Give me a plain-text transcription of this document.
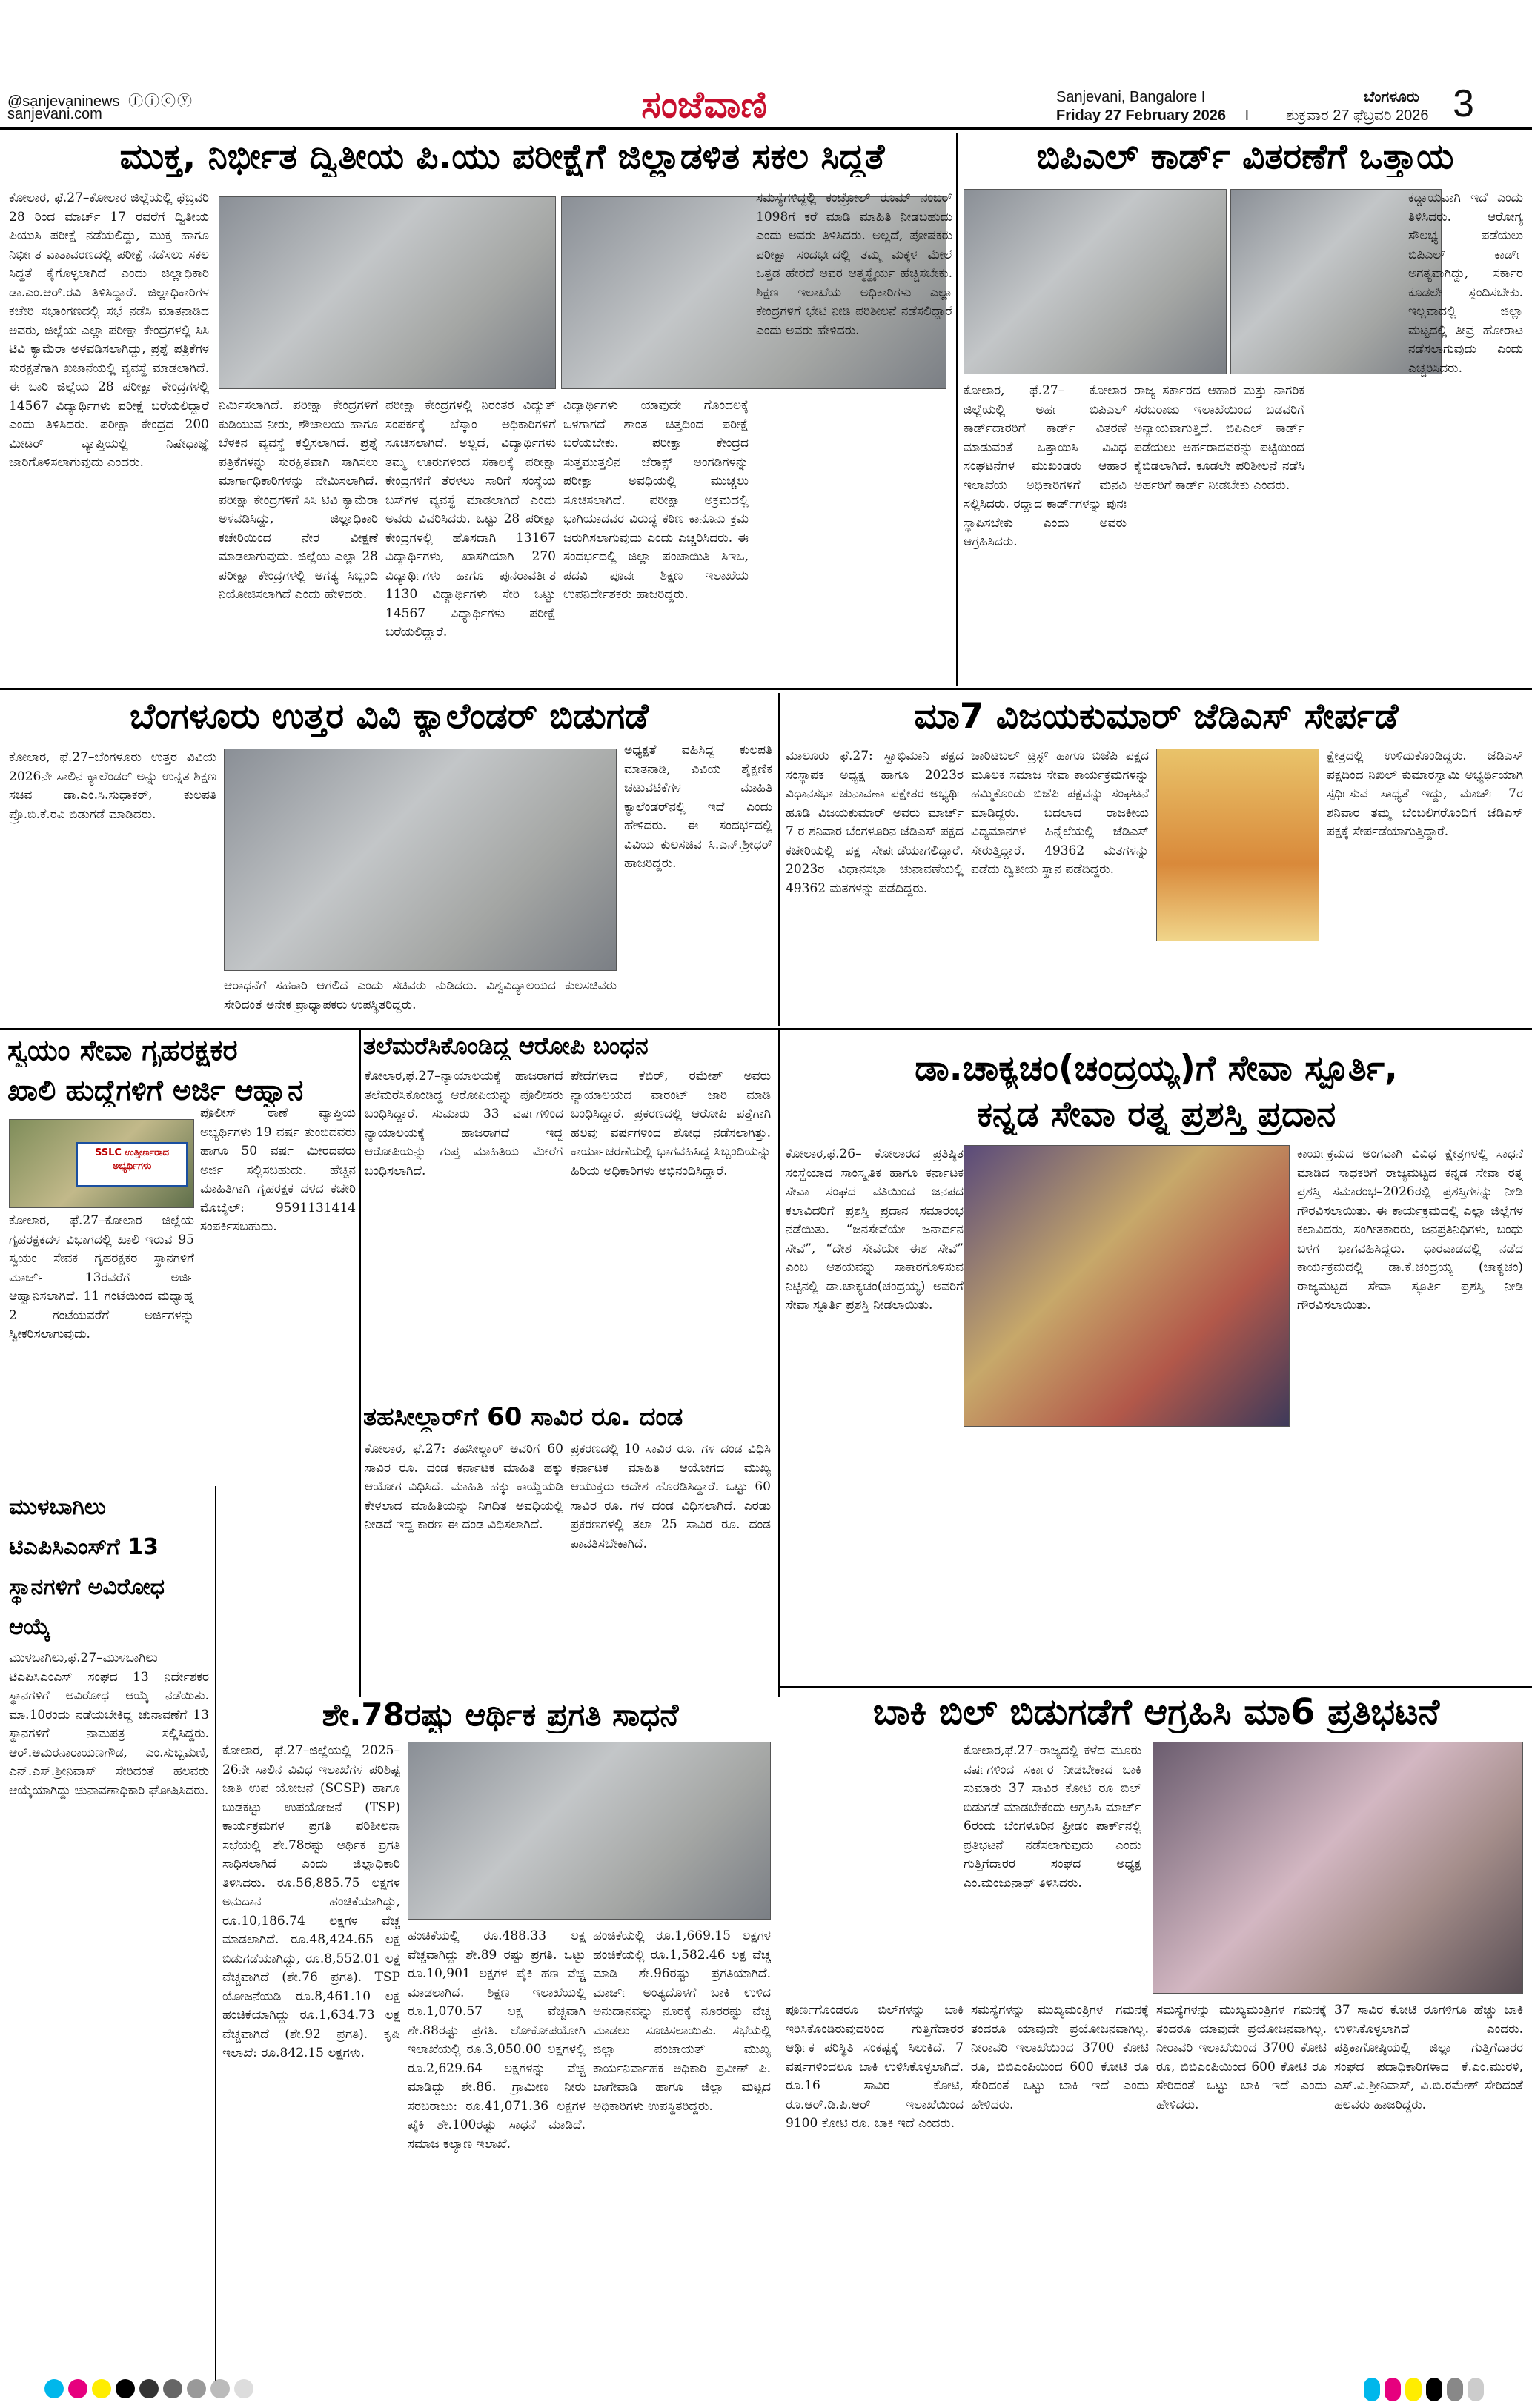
@sanjevaninews ⓕⓘⓒⓨ
sanjevani.com	ಸಂಜೆವಾಣಿ	Sanjevani, Bangalore I	ಬೆಂಗಳೂರು
Friday 27 February 2026 I ಶುಕ್ರವಾರ 27 ಫೆಬ್ರವರಿ 2026 3
ಮುಕ್ತ, ನಿರ್ಭೀತ ದ್ವಿತೀಯ ಪಿ.ಯು ಪರೀಕ್ಷೆಗೆ ಜಿಲ್ಲಾಡಳಿತ ಸಕಲ ಸಿದ್ಧತೆ
ಕೋಲಾರ, ಫೆ.27–ಕೋಲಾರ ಜಿಲ್ಲೆಯಲ್ಲಿ ಫೆಬ್ರವರಿ 28 ರಿಂದ ಮಾರ್ಚ್ 17 ರವರೆಗೆ ದ್ವಿತೀಯ ಪಿಯುಸಿ ಪರೀಕ್ಷೆ ನಡೆಯಲಿದ್ದು, ಮುಕ್ತ ಹಾಗೂ ನಿರ್ಭೀತ ವಾತಾವರಣದಲ್ಲಿ ಪರೀಕ್ಷೆ ನಡೆಸಲು ಸಕಲ ಸಿದ್ಧತೆ ಕೈಗೊಳ್ಳಲಾಗಿದೆ ಎಂದು ಜಿಲ್ಲಾಧಿಕಾರಿ ಡಾ.ಎಂ.ಆರ್.ರವಿ ತಿಳಿಸಿದ್ದಾರೆ. ಜಿಲ್ಲಾಧಿಕಾರಿಗಳ ಕಚೇರಿ ಸಭಾಂಗಣದಲ್ಲಿ ಸಭೆ ನಡೆಸಿ ಮಾತನಾಡಿದ ಅವರು, ಜಿಲ್ಲೆಯ ಎಲ್ಲಾ ಪರೀಕ್ಷಾ ಕೇಂದ್ರಗಳಲ್ಲಿ ಸಿಸಿ ಟಿವಿ ಕ್ಯಾಮೆರಾ ಅಳವಡಿಸಲಾಗಿದ್ದು, ಪ್ರಶ್ನೆ ಪತ್ರಿಕೆಗಳ ಸುರಕ್ಷತೆಗಾಗಿ ಖಜಾನೆಯಲ್ಲಿ ವ್ಯವಸ್ಥೆ ಮಾಡಲಾಗಿದೆ. ಈ ಬಾರಿ ಜಿಲ್ಲೆಯ 28 ಪರೀಕ್ಷಾ ಕೇಂದ್ರಗಳಲ್ಲಿ 14567 ವಿದ್ಯಾರ್ಥಿಗಳು ಪರೀಕ್ಷೆ ಬರೆಯಲಿದ್ದಾರೆ ಎಂದು ತಿಳಿಸಿದರು. ಪರೀಕ್ಷಾ ಕೇಂದ್ರದ 200 ಮೀಟರ್ ವ್ಯಾಪ್ತಿಯಲ್ಲಿ ನಿಷೇಧಾಜ್ಞೆ ಜಾರಿಗೊಳಿಸಲಾಗುವುದು ಎಂದರು.
ನಿರ್ಮಿಸಲಾಗಿದೆ. ಪರೀಕ್ಷಾ ಕೇಂದ್ರಗಳಿಗೆ ಕುಡಿಯುವ ನೀರು, ಶೌಚಾಲಯ ಹಾಗೂ ಬೆಳಕಿನ ವ್ಯವಸ್ಥೆ ಕಲ್ಪಿಸಲಾಗಿದೆ. ಪ್ರಶ್ನೆ ಪತ್ರಿಕೆಗಳನ್ನು ಸುರಕ್ಷಿತವಾಗಿ ಸಾಗಿಸಲು ಮಾರ್ಗಾಧಿಕಾರಿಗಳನ್ನು ನೇಮಿಸಲಾಗಿದೆ. ಪರೀಕ್ಷಾ ಕೇಂದ್ರಗಳಿಗೆ ಸಿಸಿ ಟಿವಿ ಕ್ಯಾಮೆರಾ ಅಳವಡಿಸಿದ್ದು, ಜಿಲ್ಲಾಧಿಕಾರಿ ಕಚೇರಿಯಿಂದ ನೇರ ವೀಕ್ಷಣೆ ಮಾಡಲಾಗುವುದು. ಜಿಲ್ಲೆಯ ಎಲ್ಲಾ 28 ಪರೀಕ್ಷಾ ಕೇಂದ್ರಗಳಲ್ಲಿ ಅಗತ್ಯ ಸಿಬ್ಬಂದಿ ನಿಯೋಜಿಸಲಾಗಿದೆ ಎಂದು ಹೇಳಿದರು.
ಪರೀಕ್ಷಾ ಕೇಂದ್ರಗಳಲ್ಲಿ ನಿರಂತರ ವಿದ್ಯುತ್ ಸಂಪರ್ಕಕ್ಕೆ ಬೆಸ್ಕಾಂ ಅಧಿಕಾರಿಗಳಿಗೆ ಸೂಚಿಸಲಾಗಿದೆ. ಅಲ್ಲದೆ, ವಿದ್ಯಾರ್ಥಿಗಳು ತಮ್ಮ ಊರುಗಳಿಂದ ಸಕಾಲಕ್ಕೆ ಪರೀಕ್ಷಾ ಕೇಂದ್ರಗಳಿಗೆ ತೆರಳಲು ಸಾರಿಗೆ ಸಂಸ್ಥೆಯ ಬಸ್‌ಗಳ ವ್ಯವಸ್ಥೆ ಮಾಡಲಾಗಿದೆ ಎಂದು ಅವರು ವಿವರಿಸಿದರು. ಒಟ್ಟು 28 ಪರೀಕ್ಷಾ ಕೇಂದ್ರಗಳಲ್ಲಿ ಹೊಸದಾಗಿ 13167 ವಿದ್ಯಾರ್ಥಿಗಳು, ಖಾಸಗಿಯಾಗಿ 270 ವಿದ್ಯಾರ್ಥಿಗಳು ಹಾಗೂ ಪುನರಾವರ್ತಿತ 1130 ವಿದ್ಯಾರ್ಥಿಗಳು ಸೇರಿ ಒಟ್ಟು 14567 ವಿದ್ಯಾರ್ಥಿಗಳು ಪರೀಕ್ಷೆ ಬರೆಯಲಿದ್ದಾರೆ.
ವಿದ್ಯಾರ್ಥಿಗಳು ಯಾವುದೇ ಗೊಂದಲಕ್ಕೆ ಒಳಗಾಗದೆ ಶಾಂತ ಚಿತ್ತದಿಂದ ಪರೀಕ್ಷೆ ಬರೆಯಬೇಕು. ಪರೀಕ್ಷಾ ಕೇಂದ್ರದ ಸುತ್ತಮುತ್ತಲಿನ ಜೆರಾಕ್ಸ್ ಅಂಗಡಿಗಳನ್ನು ಪರೀಕ್ಷಾ ಅವಧಿಯಲ್ಲಿ ಮುಚ್ಚಲು ಸೂಚಿಸಲಾಗಿದೆ. ಪರೀಕ್ಷಾ ಅಕ್ರಮದಲ್ಲಿ ಭಾಗಿಯಾದವರ ವಿರುದ್ಧ ಕಠಿಣ ಕಾನೂನು ಕ್ರಮ ಜರುಗಿಸಲಾಗುವುದು ಎಂದು ಎಚ್ಚರಿಸಿದರು. ಈ ಸಂದರ್ಭದಲ್ಲಿ ಜಿಲ್ಲಾ ಪಂಚಾಯಿತಿ ಸಿಇಒ, ಪದವಿ ಪೂರ್ವ ಶಿಕ್ಷಣ ಇಲಾಖೆಯ ಉಪನಿರ್ದೇಶಕರು ಹಾಜರಿದ್ದರು.
ಸಮಸ್ಯೆಗಳಿದ್ದಲ್ಲಿ ಕಂಟ್ರೋಲ್ ರೂಮ್ ನಂಬರ್ 1098ಗೆ ಕರೆ ಮಾಡಿ ಮಾಹಿತಿ ನೀಡಬಹುದು ಎಂದು ಅವರು ತಿಳಿಸಿದರು. ಅಲ್ಲದೆ, ಪೋಷಕರು ಪರೀಕ್ಷಾ ಸಂದರ್ಭದಲ್ಲಿ ತಮ್ಮ ಮಕ್ಕಳ ಮೇಲೆ ಒತ್ತಡ ಹೇರದೆ ಅವರ ಆತ್ಮಸ್ಥೈರ್ಯ ಹೆಚ್ಚಿಸಬೇಕು. ಶಿಕ್ಷಣ ಇಲಾಖೆಯ ಅಧಿಕಾರಿಗಳು ಎಲ್ಲಾ ಕೇಂದ್ರಗಳಿಗೆ ಭೇಟಿ ನೀಡಿ ಪರಿಶೀಲನೆ ನಡೆಸಲಿದ್ದಾರೆ ಎಂದು ಅವರು ಹೇಳಿದರು.
ಬಿಪಿಎಲ್ ಕಾರ್ಡ್ ವಿತರಣೆಗೆ ಒತ್ತಾಯ
ಕೋಲಾರ, ಫೆ.27– ಕೋಲಾರ ಜಿಲ್ಲೆಯಲ್ಲಿ ಅರ್ಹ ಬಿಪಿಎಲ್ ಕಾರ್ಡ್‌ದಾರರಿಗೆ ಕಾರ್ಡ್ ವಿತರಣೆ ಮಾಡುವಂತೆ ಒತ್ತಾಯಿಸಿ ವಿವಿಧ ಸಂಘಟನೆಗಳ ಮುಖಂಡರು ಆಹಾರ ಇಲಾಖೆಯ ಅಧಿಕಾರಿಗಳಿಗೆ ಮನವಿ ಸಲ್ಲಿಸಿದರು. ರದ್ದಾದ ಕಾರ್ಡ್‌ಗಳನ್ನು ಪುನಃ ಸ್ಥಾಪಿಸಬೇಕು ಎಂದು ಅವರು ಆಗ್ರಹಿಸಿದರು.
ರಾಜ್ಯ ಸರ್ಕಾರದ ಆಹಾರ ಮತ್ತು ನಾಗರಿಕ ಸರಬರಾಜು ಇಲಾಖೆಯಿಂದ ಬಡವರಿಗೆ ಅನ್ಯಾಯವಾಗುತ್ತಿದೆ. ಬಿಪಿಎಲ್ ಕಾರ್ಡ್ ಪಡೆಯಲು ಅರ್ಹರಾದವರನ್ನು ಪಟ್ಟಿಯಿಂದ ಕೈಬಿಡಲಾಗಿದೆ. ಕೂಡಲೇ ಪರಿಶೀಲನೆ ನಡೆಸಿ ಅರ್ಹರಿಗೆ ಕಾರ್ಡ್ ನೀಡಬೇಕು ಎಂದರು.
ಕಡ್ಡಾಯವಾಗಿ ಇದೆ ಎಂದು ತಿಳಿಸಿದರು. ಆರೋಗ್ಯ ಸೌಲಭ್ಯ ಪಡೆಯಲು ಬಿಪಿಎಲ್ ಕಾರ್ಡ್ ಅಗತ್ಯವಾಗಿದ್ದು, ಸರ್ಕಾರ ಕೂಡಲೇ ಸ್ಪಂದಿಸಬೇಕು. ಇಲ್ಲವಾದಲ್ಲಿ ಜಿಲ್ಲಾ ಮಟ್ಟದಲ್ಲಿ ತೀವ್ರ ಹೋರಾಟ ನಡೆಸಲಾಗುವುದು ಎಂದು ಎಚ್ಚರಿಸಿದರು.
ಬೆಂಗಳೂರು ಉತ್ತರ ವಿವಿ ಕ್ಯಾಲೆಂಡರ್ ಬಿಡುಗಡೆ
ಕೋಲಾರ, ಫೆ.27–ಬೆಂಗಳೂರು ಉತ್ತರ ವಿವಿಯ 2026ನೇ ಸಾಲಿನ ಕ್ಯಾಲೆಂಡರ್ ಅನ್ನು ಉನ್ನತ ಶಿಕ್ಷಣ ಸಚಿವ ಡಾ.ಎಂ.ಸಿ.ಸುಧಾಕರ್, ಕುಲಪತಿ ಪ್ರೊ.ಬಿ.ಕೆ.ರವಿ ಬಿಡುಗಡೆ ಮಾಡಿದರು.
ಆರಾಧನೆಗೆ ಸಹಕಾರಿ ಆಗಲಿದೆ ಎಂದು ಸಚಿವರು ನುಡಿದರು. ವಿಶ್ವವಿದ್ಯಾಲಯದ ಕುಲಸಚಿವರು ಸೇರಿದಂತೆ ಅನೇಕ ಪ್ರಾಧ್ಯಾಪಕರು ಉಪಸ್ಥಿತರಿದ್ದರು.
ಅಧ್ಯಕ್ಷತೆ ವಹಿಸಿದ್ದ ಕುಲಪತಿ ಮಾತನಾಡಿ, ವಿವಿಯ ಶೈಕ್ಷಣಿಕ ಚಟುವಟಿಕೆಗಳ ಮಾಹಿತಿ ಕ್ಯಾಲೆಂಡರ್‌ನಲ್ಲಿ ಇದೆ ಎಂದು ಹೇಳಿದರು. ಈ ಸಂದರ್ಭದಲ್ಲಿ ವಿವಿಯ ಕುಲಸಚಿವ ಸಿ.ಎನ್.ಶ್ರೀಧರ್ ಹಾಜರಿದ್ದರು.
ಮಾ7 ವಿಜಯಕುಮಾರ್ ಜೆಡಿಎಸ್ ಸೇರ್ಪಡೆ
ಮಾಲೂರು ಫೆ.27: ಸ್ವಾಭಿಮಾನಿ ಪಕ್ಷದ ಸಂಸ್ಥಾಪಕ ಅಧ್ಯಕ್ಷ ಹಾಗೂ 2023ರ ವಿಧಾನಸಭಾ ಚುನಾವಣಾ ಪಕ್ಷೇತರ ಅಭ್ಯರ್ಥಿ ಹೂಡಿ ವಿಜಯಕುಮಾರ್ ಅವರು ಮಾರ್ಚ್ 7 ರ ಶನಿವಾರ ಬೆಂಗಳೂರಿನ ಜೆಡಿಎಸ್ ಪಕ್ಷದ ಕಚೇರಿಯಲ್ಲಿ ಪಕ್ಷ ಸೇರ್ಪಡೆಯಾಗಲಿದ್ದಾರೆ. 2023ರ ವಿಧಾನಸಭಾ ಚುನಾವಣೆಯಲ್ಲಿ 49362 ಮತಗಳನ್ನು ಪಡೆದಿದ್ದರು.
ಚಾರಿಟಬಲ್ ಟ್ರಸ್ಟ್ ಹಾಗೂ ಬಿಜೆಪಿ ಪಕ್ಷದ ಮೂಲಕ ಸಮಾಜ ಸೇವಾ ಕಾರ್ಯಕ್ರಮಗಳನ್ನು ಹಮ್ಮಿಕೊಂಡು ಬಿಜೆಪಿ ಪಕ್ಷವನ್ನು ಸಂಘಟನೆ ಮಾಡಿದ್ದರು. ಬದಲಾದ ರಾಜಕೀಯ ವಿದ್ಯಮಾನಗಳ ಹಿನ್ನೆಲೆಯಲ್ಲಿ ಜೆಡಿಎಸ್ ಸೇರುತ್ತಿದ್ದಾರೆ. 49362 ಮತಗಳನ್ನು ಪಡೆದು ದ್ವಿತೀಯ ಸ್ಥಾನ ಪಡೆದಿದ್ದರು.
ಕ್ಷೇತ್ರದಲ್ಲಿ ಉಳಿದುಕೊಂಡಿದ್ದರು. ಜೆಡಿಎಸ್ ಪಕ್ಷದಿಂದ ನಿಖಿಲ್ ಕುಮಾರಸ್ವಾಮಿ ಅಭ್ಯರ್ಥಿಯಾಗಿ ಸ್ಪರ್ಧಿಸುವ ಸಾಧ್ಯತೆ ಇದ್ದು, ಮಾರ್ಚ್ 7ರ ಶನಿವಾರ ತಮ್ಮ ಬೆಂಬಲಿಗರೊಂದಿಗೆ ಜೆಡಿಎಸ್ ಪಕ್ಷಕ್ಕೆ ಸೇರ್ಪಡೆಯಾಗುತ್ತಿದ್ದಾರೆ.
ಸ್ವಯಂ ಸೇವಾ ಗೃಹರಕ್ಷಕರ
ಖಾಲಿ ಹುದ್ದೆಗಳಿಗೆ ಅರ್ಜಿ ಆಹ್ವಾನ
SSLC ಉತ್ತೀರ್ಣರಾದ ಅಭ್ಯರ್ಥಿಗಳು
ಕೋಲಾರ, ಫೆ.27–ಕೋಲಾರ ಜಿಲ್ಲೆಯ ಗೃಹರಕ್ಷಕದಳ ವಿಭಾಗದಲ್ಲಿ ಖಾಲಿ ಇರುವ 95 ಸ್ವಯಂ ಸೇವಕ ಗೃಹರಕ್ಷಕರ ಸ್ಥಾನಗಳಿಗೆ ಮಾರ್ಚ್ 13ರವರೆಗೆ ಅರ್ಜಿ ಆಹ್ವಾನಿಸಲಾಗಿದೆ. 11 ಗಂಟೆಯಿಂದ ಮಧ್ಯಾಹ್ನ 2 ಗಂಟೆಯವರೆಗೆ ಅರ್ಜಿಗಳನ್ನು ಸ್ವೀಕರಿಸಲಾಗುವುದು.
ಪೊಲೀಸ್ ಠಾಣೆ ವ್ಯಾಪ್ತಿಯ ಅಭ್ಯರ್ಥಿಗಳು 19 ವರ್ಷ ತುಂಬಿದವರು ಹಾಗೂ 50 ವರ್ಷ ಮೀರದವರು ಅರ್ಜಿ ಸಲ್ಲಿಸಬಹುದು. ಹೆಚ್ಚಿನ ಮಾಹಿತಿಗಾಗಿ ಗೃಹರಕ್ಷಕ ದಳದ ಕಚೇರಿ ಮೊಬೈಲ್: 9591131414 ಸಂಪರ್ಕಿಸಬಹುದು.
ತಲೆಮರೆಸಿಕೊಂಡಿದ್ದ ಆರೋಪಿ ಬಂಧನ
ಕೋಲಾರ,ಫೆ.27–ನ್ಯಾಯಾಲಯಕ್ಕೆ ಹಾಜರಾಗದೆ ತಲೆಮರೆಸಿಕೊಂಡಿದ್ದ ಆರೋಪಿಯನ್ನು ಪೊಲೀಸರು ಬಂಧಿಸಿದ್ದಾರೆ. ಸುಮಾರು 33 ವರ್ಷಗಳಿಂದ ನ್ಯಾಯಾಲಯಕ್ಕೆ ಹಾಜರಾಗದೆ ಇದ್ದ ಆರೋಪಿಯನ್ನು ಗುಪ್ತ ಮಾಹಿತಿಯ ಮೇರೆಗೆ ಬಂಧಿಸಲಾಗಿದೆ.
ಪೇದೆಗಳಾದ ಕೆಬಿರ್, ರಮೇಶ್ ಅವರು ನ್ಯಾಯಾಲಯದ ವಾರಂಟ್ ಜಾರಿ ಮಾಡಿ ಬಂಧಿಸಿದ್ದಾರೆ. ಪ್ರಕರಣದಲ್ಲಿ ಆರೋಪಿ ಪತ್ತೆಗಾಗಿ ಹಲವು ವರ್ಷಗಳಿಂದ ಶೋಧ ನಡೆಸಲಾಗಿತ್ತು. ಕಾರ್ಯಾಚರಣೆಯಲ್ಲಿ ಭಾಗವಹಿಸಿದ್ದ ಸಿಬ್ಬಂದಿಯನ್ನು ಹಿರಿಯ ಅಧಿಕಾರಿಗಳು ಅಭಿನಂದಿಸಿದ್ದಾರೆ.
ತಹಸೀಲ್ದಾರ್‌ಗೆ 60 ಸಾವಿರ ರೂ. ದಂಡ
ಕೋಲಾರ, ಫೆ.27: ತಹಸೀಲ್ದಾರ್ ಅವರಿಗೆ 60 ಸಾವಿರ ರೂ. ದಂಡ ಕರ್ನಾಟಕ ಮಾಹಿತಿ ಹಕ್ಕು ಆಯೋಗ ವಿಧಿಸಿದೆ. ಮಾಹಿತಿ ಹಕ್ಕು ಕಾಯ್ದೆಯಡಿ ಕೇಳಲಾದ ಮಾಹಿತಿಯನ್ನು ನಿಗದಿತ ಅವಧಿಯಲ್ಲಿ ನೀಡದೆ ಇದ್ದ ಕಾರಣ ಈ ದಂಡ ವಿಧಿಸಲಾಗಿದೆ.
ಪ್ರಕರಣದಲ್ಲಿ 10 ಸಾವಿರ ರೂ. ಗಳ ದಂಡ ವಿಧಿಸಿ ಕರ್ನಾಟಕ ಮಾಹಿತಿ ಆಯೋಗದ ಮುಖ್ಯ ಆಯುಕ್ತರು ಆದೇಶ ಹೊರಡಿಸಿದ್ದಾರೆ. ಒಟ್ಟು 60 ಸಾವಿರ ರೂ. ಗಳ ದಂಡ ವಿಧಿಸಲಾಗಿದೆ. ಎರಡು ಪ್ರಕರಣಗಳಲ್ಲಿ ತಲಾ 25 ಸಾವಿರ ರೂ. ದಂಡ ಪಾವತಿಸಬೇಕಾಗಿದೆ.
ಮುಳಬಾಗಿಲು ಟಿಎಪಿಸಿಎಂಸ್‌ಗೆ 13 ಸ್ಥಾನಗಳಿಗೆ ಅವಿರೋಧ ಆಯ್ಕೆ
ಮುಳಬಾಗಿಲು,ಫೆ.27–ಮುಳಬಾಗಿಲು ಟಿಎಪಿಸಿಎಂಎಸ್ ಸಂಘದ 13 ನಿರ್ದೇಶಕರ ಸ್ಥಾನಗಳಿಗೆ ಅವಿರೋಧ ಆಯ್ಕೆ ನಡೆಯಿತು. ಮಾ.10ರಂದು ನಡೆಯಬೇಕಿದ್ದ ಚುನಾವಣೆಗೆ 13 ಸ್ಥಾನಗಳಿಗೆ ನಾಮಪತ್ರ ಸಲ್ಲಿಸಿದ್ದರು. ಆರ್.ಅಮರನಾರಾಯಣಗೌಡ, ಎಂ.ಸುಬ್ಬಮಣಿ, ಎನ್.ಎಸ್.ಶ್ರೀನಿವಾಸ್ ಸೇರಿದಂತೆ ಹಲವರು ಆಯ್ಕೆಯಾಗಿದ್ದು ಚುನಾವಣಾಧಿಕಾರಿ ಘೋಷಿಸಿದರು.
ಡಾ.ಚಾಕ್ಯಚಂ(ಚಂದ್ರಯ್ಯ)ಗೆ ಸೇವಾ ಸ್ಫೂರ್ತಿ,
ಕನ್ನಡ ಸೇವಾ ರತ್ನ ಪ್ರಶಸ್ತಿ ಪ್ರದಾನ
ಕೋಲಾರ,ಫೆ.26– ಕೋಲಾರದ ಪ್ರತಿಷ್ಠಿತ ಸಂಸ್ಥೆಯಾದ ಸಾಂಸ್ಕೃತಿಕ ಹಾಗೂ ಕರ್ನಾಟಕ ಸೇವಾ ಸಂಘದ ವತಿಯಿಂದ ಜನಪದ ಕಲಾವಿದರಿಗೆ ಪ್ರಶಸ್ತಿ ಪ್ರದಾನ ಸಮಾರಂಭ ನಡೆಯಿತು. “ಜನಸೇವೆಯೇ ಜನಾರ್ದನ ಸೇವೆ”, “ದೇಶ ಸೇವೆಯೇ ಈಶ ಸೇವೆ” ಎಂಬ ಆಶಯವನ್ನು ಸಾಕಾರಗೊಳಿಸುವ ನಿಟ್ಟಿನಲ್ಲಿ ಡಾ.ಚಾಕ್ಯಚಂ(ಚಂದ್ರಯ್ಯ) ಅವರಿಗೆ ಸೇವಾ ಸ್ಫೂರ್ತಿ ಪ್ರಶಸ್ತಿ ನೀಡಲಾಯಿತು.
ಕಾರ್ಯಕ್ರಮದ ಅಂಗವಾಗಿ ವಿವಿಧ ಕ್ಷೇತ್ರಗಳಲ್ಲಿ ಸಾಧನೆ ಮಾಡಿದ ಸಾಧಕರಿಗೆ ರಾಜ್ಯಮಟ್ಟದ ಕನ್ನಡ ಸೇವಾ ರತ್ನ ಪ್ರಶಸ್ತಿ ಸಮಾರಂಭ–2026ರಲ್ಲಿ ಪ್ರಶಸ್ತಿಗಳನ್ನು ನೀಡಿ ಗೌರವಿಸಲಾಯಿತು. ಈ ಕಾರ್ಯಕ್ರಮದಲ್ಲಿ ಎಲ್ಲಾ ಜಿಲ್ಲೆಗಳ ಕಲಾವಿದರು, ಸಂಗೀತಕಾರರು, ಜನಪ್ರತಿನಿಧಿಗಳು, ಬಂಧು ಬಳಗ ಭಾಗವಹಿಸಿದ್ದರು. ಧಾರವಾಡದಲ್ಲಿ ನಡೆದ ಕಾರ್ಯಕ್ರಮದಲ್ಲಿ ಡಾ.ಕೆ.ಚಂದ್ರಯ್ಯ (ಚಾಕ್ಯಚಂ) ರಾಜ್ಯಮಟ್ಟದ ಸೇವಾ ಸ್ಫೂರ್ತಿ ಪ್ರಶಸ್ತಿ ನೀಡಿ ಗೌರವಿಸಲಾಯಿತು.
ಶೇ.78ರಷ್ಟು ಆರ್ಥಿಕ ಪ್ರಗತಿ ಸಾಧನೆ
ಕೋಲಾರ, ಫೆ.27–ಜಿಲ್ಲೆಯಲ್ಲಿ 2025–26ನೇ ಸಾಲಿನ ವಿವಿಧ ಇಲಾಖೆಗಳ ಪರಿಶಿಷ್ಟ ಜಾತಿ ಉಪ ಯೋಜನೆ (SCSP) ಹಾಗೂ ಬುಡಕಟ್ಟು ಉಪಯೋಜನೆ (TSP) ಕಾರ್ಯಕ್ರಮಗಳ ಪ್ರಗತಿ ಪರಿಶೀಲನಾ ಸಭೆಯಲ್ಲಿ ಶೇ.78ರಷ್ಟು ಆರ್ಥಿಕ ಪ್ರಗತಿ ಸಾಧಿಸಲಾಗಿದೆ ಎಂದು ಜಿಲ್ಲಾಧಿಕಾರಿ ತಿಳಿಸಿದರು. ರೂ.56,885.75 ಲಕ್ಷಗಳ ಅನುದಾನ ಹಂಚಿಕೆಯಾಗಿದ್ದು, ರೂ.10,186.74 ಲಕ್ಷಗಳ ವೆಚ್ಚ ಮಾಡಲಾಗಿದೆ. ರೂ.48,424.65 ಲಕ್ಷ ಬಿಡುಗಡೆಯಾಗಿದ್ದು, ರೂ.8,552.01 ಲಕ್ಷ ವೆಚ್ಚವಾಗಿದೆ (ಶೇ.76 ಪ್ರಗತಿ). TSP ಯೋಜನೆಯಡಿ ರೂ.8,461.10 ಲಕ್ಷ ಹಂಚಿಕೆಯಾಗಿದ್ದು ರೂ.1,634.73 ಲಕ್ಷ ವೆಚ್ಚವಾಗಿದೆ (ಶೇ.92 ಪ್ರಗತಿ). ಕೃಷಿ ಇಲಾಖೆ: ರೂ.842.15 ಲಕ್ಷಗಳು.
ಹಂಚಿಕೆಯಲ್ಲಿ ರೂ.488.33 ಲಕ್ಷ ವೆಚ್ಚವಾಗಿದ್ದು ಶೇ.89 ರಷ್ಟು ಪ್ರಗತಿ. ಒಟ್ಟು ರೂ.10,901 ಲಕ್ಷಗಳ ಪೈಕಿ ಹಣ ವೆಚ್ಚ ಮಾಡಲಾಗಿದೆ. ಶಿಕ್ಷಣ ಇಲಾಖೆಯಲ್ಲಿ ರೂ.1,070.57 ಲಕ್ಷ ವೆಚ್ಚವಾಗಿ ಶೇ.88ರಷ್ಟು ಪ್ರಗತಿ. ಲೋಕೋಪಯೋಗಿ ಇಲಾಖೆಯಲ್ಲಿ ರೂ.3,050.00 ಲಕ್ಷಗಳಲ್ಲಿ ರೂ.2,629.64 ಲಕ್ಷಗಳನ್ನು ವೆಚ್ಚ ಮಾಡಿದ್ದು ಶೇ.86. ಗ್ರಾಮೀಣ ನೀರು ಸರಬರಾಜು: ರೂ.41,071.36 ಲಕ್ಷಗಳ ಪೈಕಿ ಶೇ.100ರಷ್ಟು ಸಾಧನೆ ಮಾಡಿದೆ. ಸಮಾಜ ಕಲ್ಯಾಣ ಇಲಾಖೆ.
ಹಂಚಿಕೆಯಲ್ಲಿ ರೂ.1,669.15 ಲಕ್ಷಗಳ ಹಂಚಿಕೆಯಲ್ಲಿ ರೂ.1,582.46 ಲಕ್ಷ ವೆಚ್ಚ ಮಾಡಿ ಶೇ.96ರಷ್ಟು ಪ್ರಗತಿಯಾಗಿದೆ. ಮಾರ್ಚ್ ಅಂತ್ಯದೊಳಗೆ ಬಾಕಿ ಉಳಿದ ಅನುದಾನವನ್ನು ನೂರಕ್ಕೆ ನೂರರಷ್ಟು ವೆಚ್ಚ ಮಾಡಲು ಸೂಚಿಸಲಾಯಿತು. ಸಭೆಯಲ್ಲಿ ಜಿಲ್ಲಾ ಪಂಚಾಯತ್ ಮುಖ್ಯ ಕಾರ್ಯನಿರ್ವಾಹಕ ಅಧಿಕಾರಿ ಪ್ರವೀಣ್ ಪಿ. ಬಾಗೇವಾಡಿ ಹಾಗೂ ಜಿಲ್ಲಾ ಮಟ್ಟದ ಅಧಿಕಾರಿಗಳು ಉಪಸ್ಥಿತರಿದ್ದರು.
ಬಾಕಿ ಬಿಲ್ ಬಿಡುಗಡೆಗೆ ಆಗ್ರಹಿಸಿ ಮಾ6 ಪ್ರತಿಭಟನೆ
ಕೋಲಾರ,ಫೆ.27–ರಾಜ್ಯದಲ್ಲಿ ಕಳೆದ ಮೂರು ವರ್ಷಗಳಿಂದ ಸರ್ಕಾರ ನೀಡಬೇಕಾದ ಬಾಕಿ ಸುಮಾರು 37 ಸಾವಿರ ಕೋಟಿ ರೂ ಬಿಲ್ ಬಿಡುಗಡೆ ಮಾಡಬೇಕೆಂದು ಆಗ್ರಹಿಸಿ ಮಾರ್ಚ್ 6ರಂದು ಬೆಂಗಳೂರಿನ ಫ್ರೀಡಂ ಪಾರ್ಕ್‌ನಲ್ಲಿ ಪ್ರತಿಭಟನೆ ನಡೆಸಲಾಗುವುದು ಎಂದು ಗುತ್ತಿಗೆದಾರರ ಸಂಘದ ಅಧ್ಯಕ್ಷ ಎಂ.ಮಂಜುನಾಥ್ ತಿಳಿಸಿದರು.
ಪೂರ್ಣಗೊಂಡರೂ ಬಿಲ್‌ಗಳನ್ನು ಬಾಕಿ ಇರಿಸಿಕೊಂಡಿರುವುದರಿಂದ ಗುತ್ತಿಗೆದಾರರ ಆರ್ಥಿಕ ಪರಿಸ್ಥಿತಿ ಸಂಕಷ್ಟಕ್ಕೆ ಸಿಲುಕಿದೆ. 7 ವರ್ಷಗಳಿಂದಲೂ ಬಾಕಿ ಉಳಿಸಿಕೊಳ್ಳಲಾಗಿದೆ. ರೂ.16 ಸಾವಿರ ಕೋಟಿ, ರೂ.ಆರ್.ಡಿ.ಪಿ.ಆರ್ ಇಲಾಖೆಯಿಂದ 9100 ಕೋಟಿ ರೂ. ಬಾಕಿ ಇದೆ ಎಂದರು.
ಸಮಸ್ಯೆಗಳನ್ನು ಮುಖ್ಯಮಂತ್ರಿಗಳ ಗಮನಕ್ಕೆ ತಂದರೂ ಯಾವುದೇ ಪ್ರಯೋಜನವಾಗಿಲ್ಲ. ನೀರಾವರಿ ಇಲಾಖೆಯಿಂದ 3700 ಕೋಟಿ ರೂ, ಬಿಬಿಎಂಪಿಯಿಂದ 600 ಕೋಟಿ ರೂ ಸೇರಿದಂತೆ ಒಟ್ಟು ಬಾಕಿ ಇದೆ ಎಂದು ಹೇಳಿದರು.
37 ಸಾವಿರ ಕೋಟಿ ರೂಗಳಿಗೂ ಹೆಚ್ಚು ಬಾಕಿ ಉಳಿಸಿಕೊಳ್ಳಲಾಗಿದೆ ಎಂದರು. ಪತ್ರಿಕಾಗೋಷ್ಠಿಯಲ್ಲಿ ಜಿಲ್ಲಾ ಗುತ್ತಿಗೆದಾರರ ಸಂಘದ ಪದಾಧಿಕಾರಿಗಳಾದ ಕೆ.ಎಂ.ಮುರಳಿ, ಎಸ್.ವಿ.ಶ್ರೀನಿವಾಸ್, ವಿ.ಬಿ.ರಮೇಶ್ ಸೇರಿದಂತೆ ಹಲವರು ಹಾಜರಿದ್ದರು.
ಸಮಸ್ಯೆಗಳನ್ನು ಮುಖ್ಯಮಂತ್ರಿಗಳ ಗಮನಕ್ಕೆ ತಂದರೂ ಯಾವುದೇ ಪ್ರಯೋಜನವಾಗಿಲ್ಲ. ನೀರಾವರಿ ಇಲಾಖೆಯಿಂದ 3700 ಕೋಟಿ ರೂ, ಬಿಬಿಎಂಪಿಯಿಂದ 600 ಕೋಟಿ ರೂ ಸೇರಿದಂತೆ ಒಟ್ಟು ಬಾಕಿ ಇದೆ ಎಂದು ಹೇಳಿದರು.
